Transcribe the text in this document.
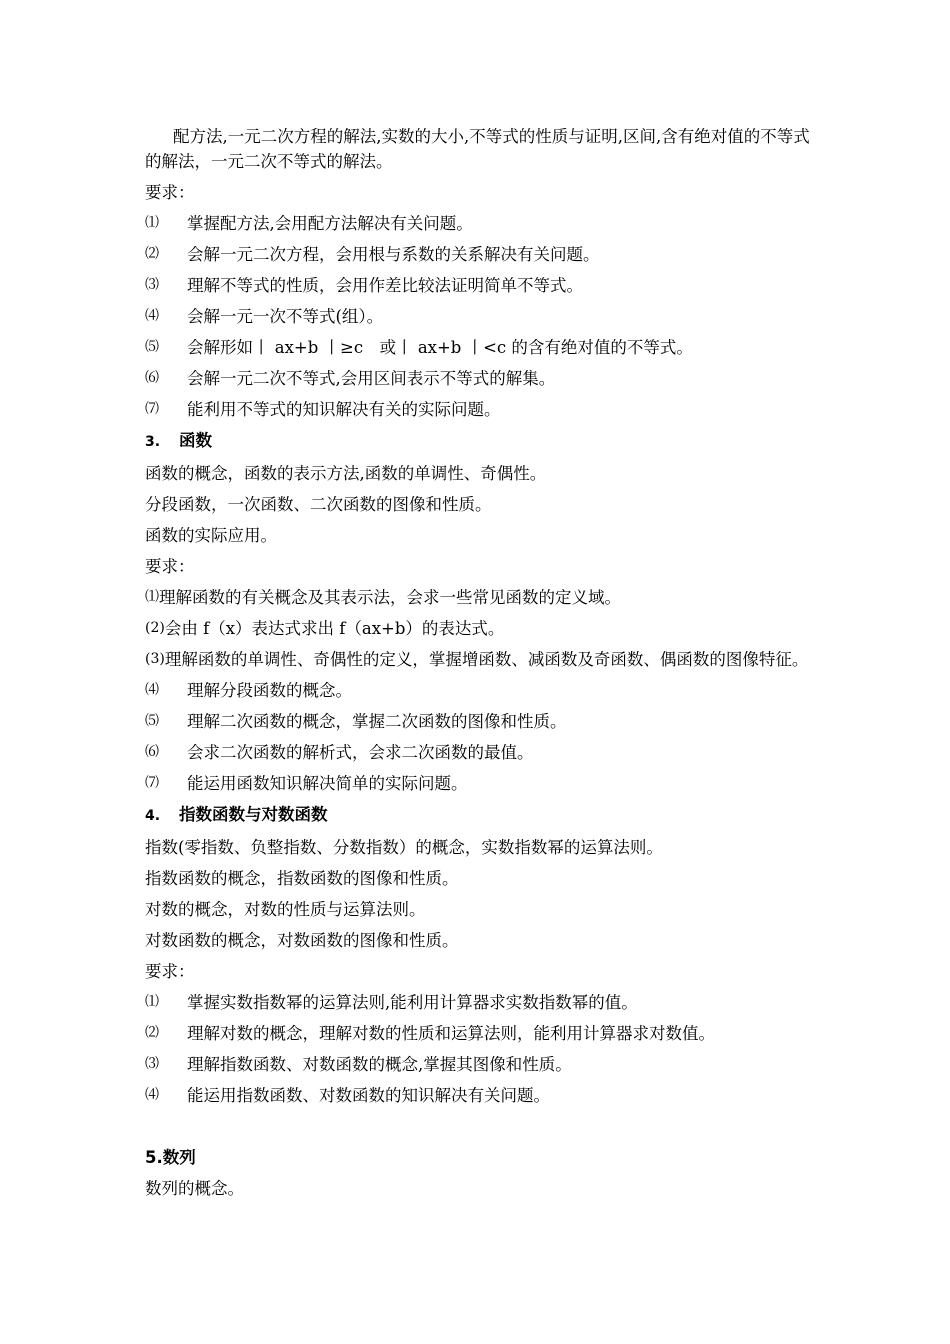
配方法,一元二次方程的解法,实数的大小,不等式的性质与证明,区间,含有绝对值的不等式的解法，一元二次不等式的解法。
要求：
⑴	掌握配方法,会用配方法解决有关问题。
⑵	会解一元二次方程，会用根与系数的关系解决有关问题。
⑶	理解不等式的性质，会用作差比较法证明简单不等式。
⑷	会解一元一次不等式(组）。
⑸	会解形如丨 ax+b 丨≥c　或丨 ax+b 丨<c 的含有绝对值的不等式。
⑹	会解一元二次不等式,会用区间表示不等式的解集。
⑺	能利用不等式的知识解决有关的实际问题。
3. 函数
函数的概念，函数的表示方法,函数的单调性、奇偶性。
分段函数，一次函数、二次函数的图像和性质。
函数的实际应用。
要求：
⑴ 理解函数的有关概念及其表示法，会求一些常见函数的定义域。
(2) 会由 f（x）表达式求出 f（ax+b）的表达式。
(3) 理解函数的单调性、奇偶性的定义，掌握增函数、减函数及奇函数、偶函数的图像特征。
⑷	理解分段函数的概念。
⑸	理解二次函数的概念，掌握二次函数的图像和性质。
⑹	会求二次函数的解析式，会求二次函数的最值。
⑺	能运用函数知识解决简单的实际问题。
4. 指数函数与对数函数
指数(零指数、负整指数、分数指数）的概念，实数指数幂的运算法则。
指数函数的概念，指数函数的图像和性质。
对数的概念，对数的性质与运算法则。
对数函数的概念，对数函数的图像和性质。
要求：
⑴	掌握实数指数幂的运算法则,能利用计算器求实数指数幂的值。
⑵	理解对数的概念，理解对数的性质和运算法则，能利用计算器求对数值。
⑶	理解指数函数、对数函数的概念,掌握其图像和性质。
⑷	能运用指数函数、对数函数的知识解决有关问题。
5.数列
数列的概念。
